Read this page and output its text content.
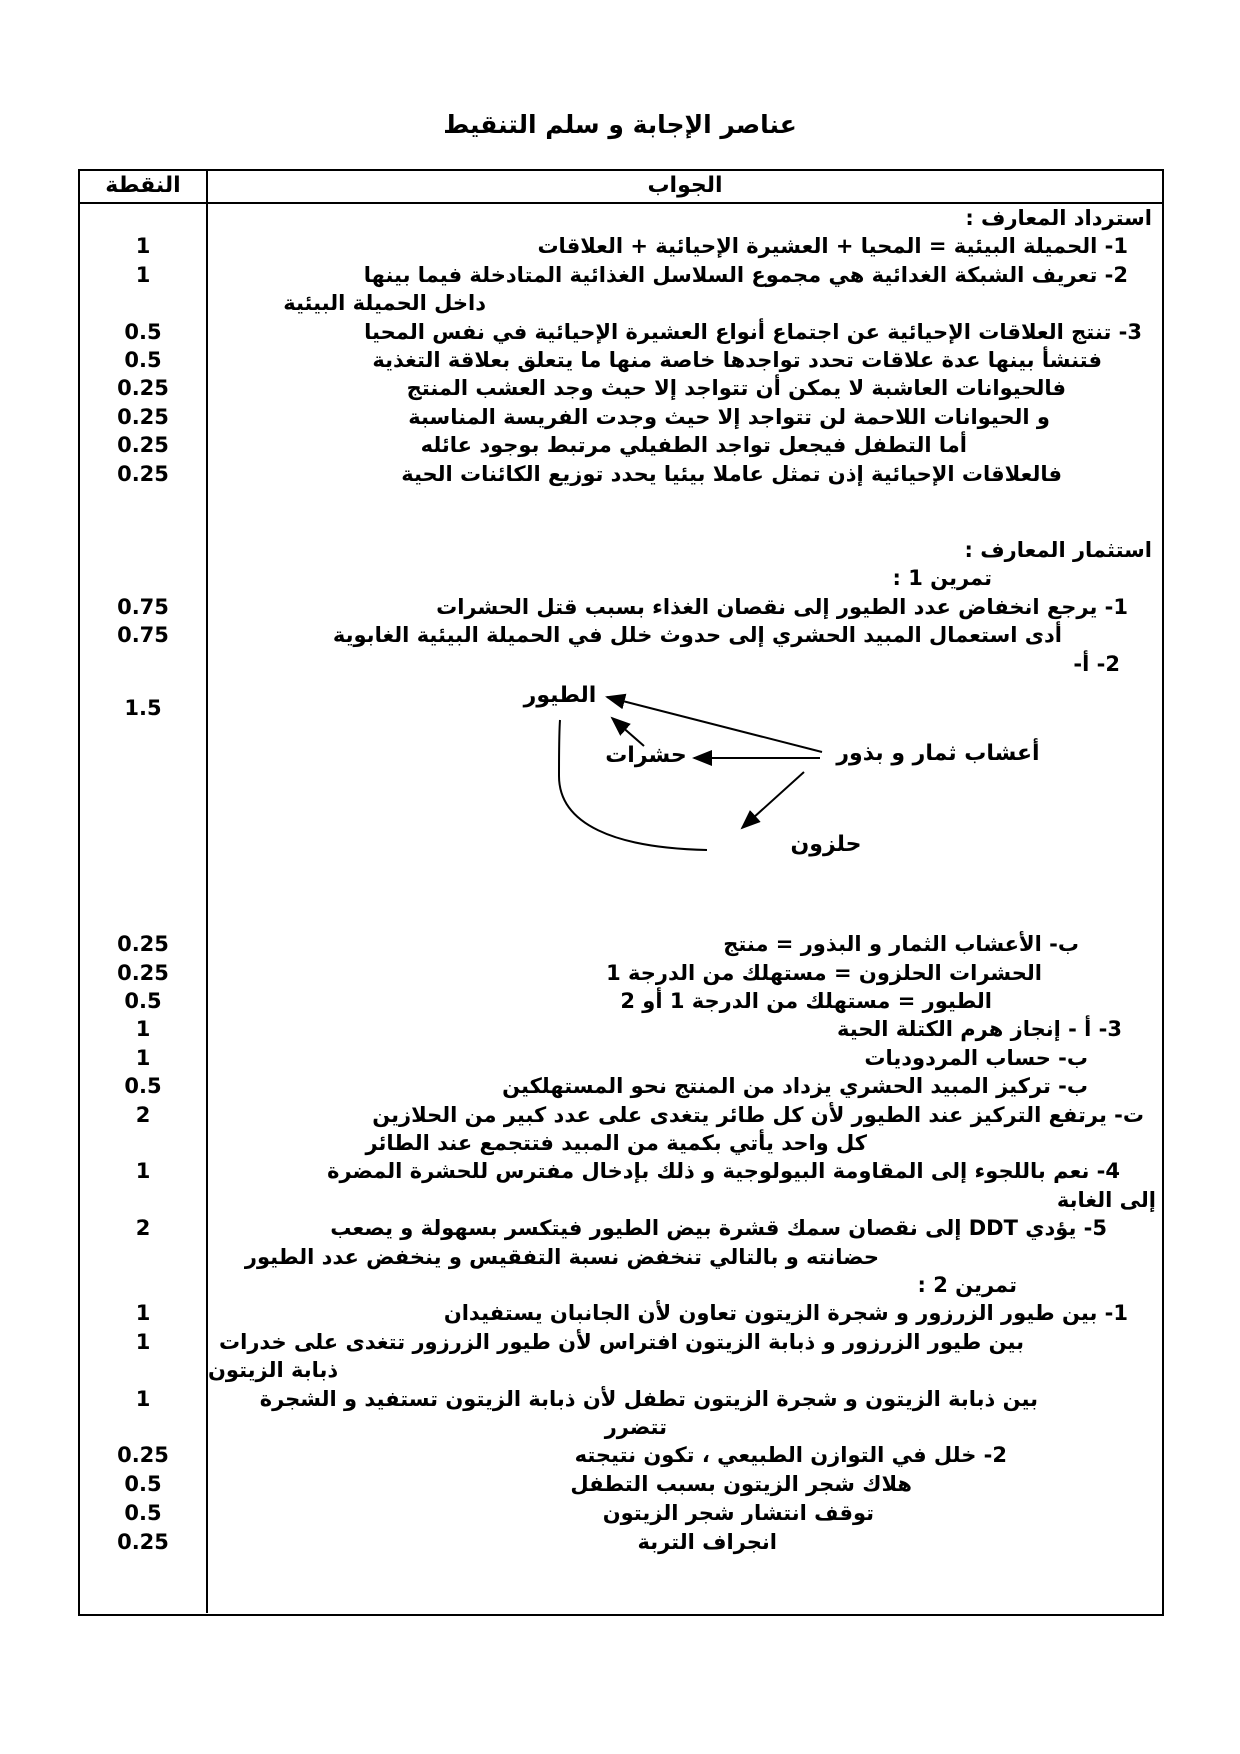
عناصر الإجابة و سلم التنقيط
النقطة	الجواب
استرداد المعارف :
1	1- الحميلة البيئية = المحيا + العشيرة الإحيائية + العلاقات
1	2- تعريف الشبكة الغدائية هي مجموع السلاسل الغذائية المتادخلة فيما بينها
داخل الحميلة البيئية
0.5	3- تنتج العلاقات الإحيائية عن اجتماع أنواع العشيرة الإحيائية في نفس المحيا
0.5	فتنشأ بينها عدة علاقات تحدد تواجدها خاصة منها ما يتعلق بعلاقة التغذية
0.25	فالحيوانات العاشبة لا يمكن أن تتواجد إلا حيث وجد العشب المنتج
0.25	و الحيوانات اللاحمة لن تتواجد إلا حيث وجدت الفريسة المناسبة
0.25	أما التطفل فيجعل تواجد الطفيلي مرتبط بوجود عائله
0.25	فالعلاقات الإحيائية إذن تمثل عاملا بيئيا يحدد توزيع الكائنات الحية
استثمار المعارف :
تمرين 1 :
0.75	1- يرجع انخفاض عدد الطيور إلى نقصان الغذاء بسبب قتل الحشرات
0.75	أدى استعمال المبيد الحشري إلى حدوث خلل في الحميلة البيئية الغابوية
2- أ-
1.5	الطيور
حشرات	أعشاب ثمار و بذور
حلزون
0.25	ب- الأعشاب الثمار و البذور = منتج
0.25	الحشرات الحلزون = مستهلك من الدرجة 1
0.5	الطيور = مستهلك من الدرجة 1 أو 2
1	3- أ - إنجاز هرم الكتلة الحية
1	ب- حساب المردوديات
0.5	ب- تركيز المبيد الحشري يزداد من المنتج نحو المستهلكين
2	ت- يرتفع التركيز عند الطيور لأن كل طائر يتغدى على عدد كبير من الحلازين
كل واحد يأتي بكمية من المبيد فتتجمع عند الطائر
1	4- نعم باللجوء إلى المقاومة البيولوجية و ذلك بإدخال مفترس للحشرة المضرة
إلى الغابة
2	5- يؤدي DDT إلى نقصان سمك قشرة بيض الطيور فيتكسر بسهولة و يصعب
حضانته و بالتالي تنخفض نسبة التفقيس و ينخفض عدد الطيور
تمرين 2 :
1	1- بين طيور الزرزور و شجرة الزيتون تعاون لأن الجانبان يستفيدان
1	بين طيور الزرزور و ذبابة الزيتون افتراس لأن طيور الزرزور تتغدى على خدرات
ذبابة الزيتون
1	بين ذبابة الزيتون و شجرة الزيتون تطفل لأن ذبابة الزيتون تستفيد و الشجرة
تتضرر
0.25	2- خلل في التوازن الطبيعي ، تكون نتيجته
0.5	هلاك شجر الزيتون بسبب التطفل
0.5	توقف انتشار شجر الزيتون
0.25	انجراف التربة
